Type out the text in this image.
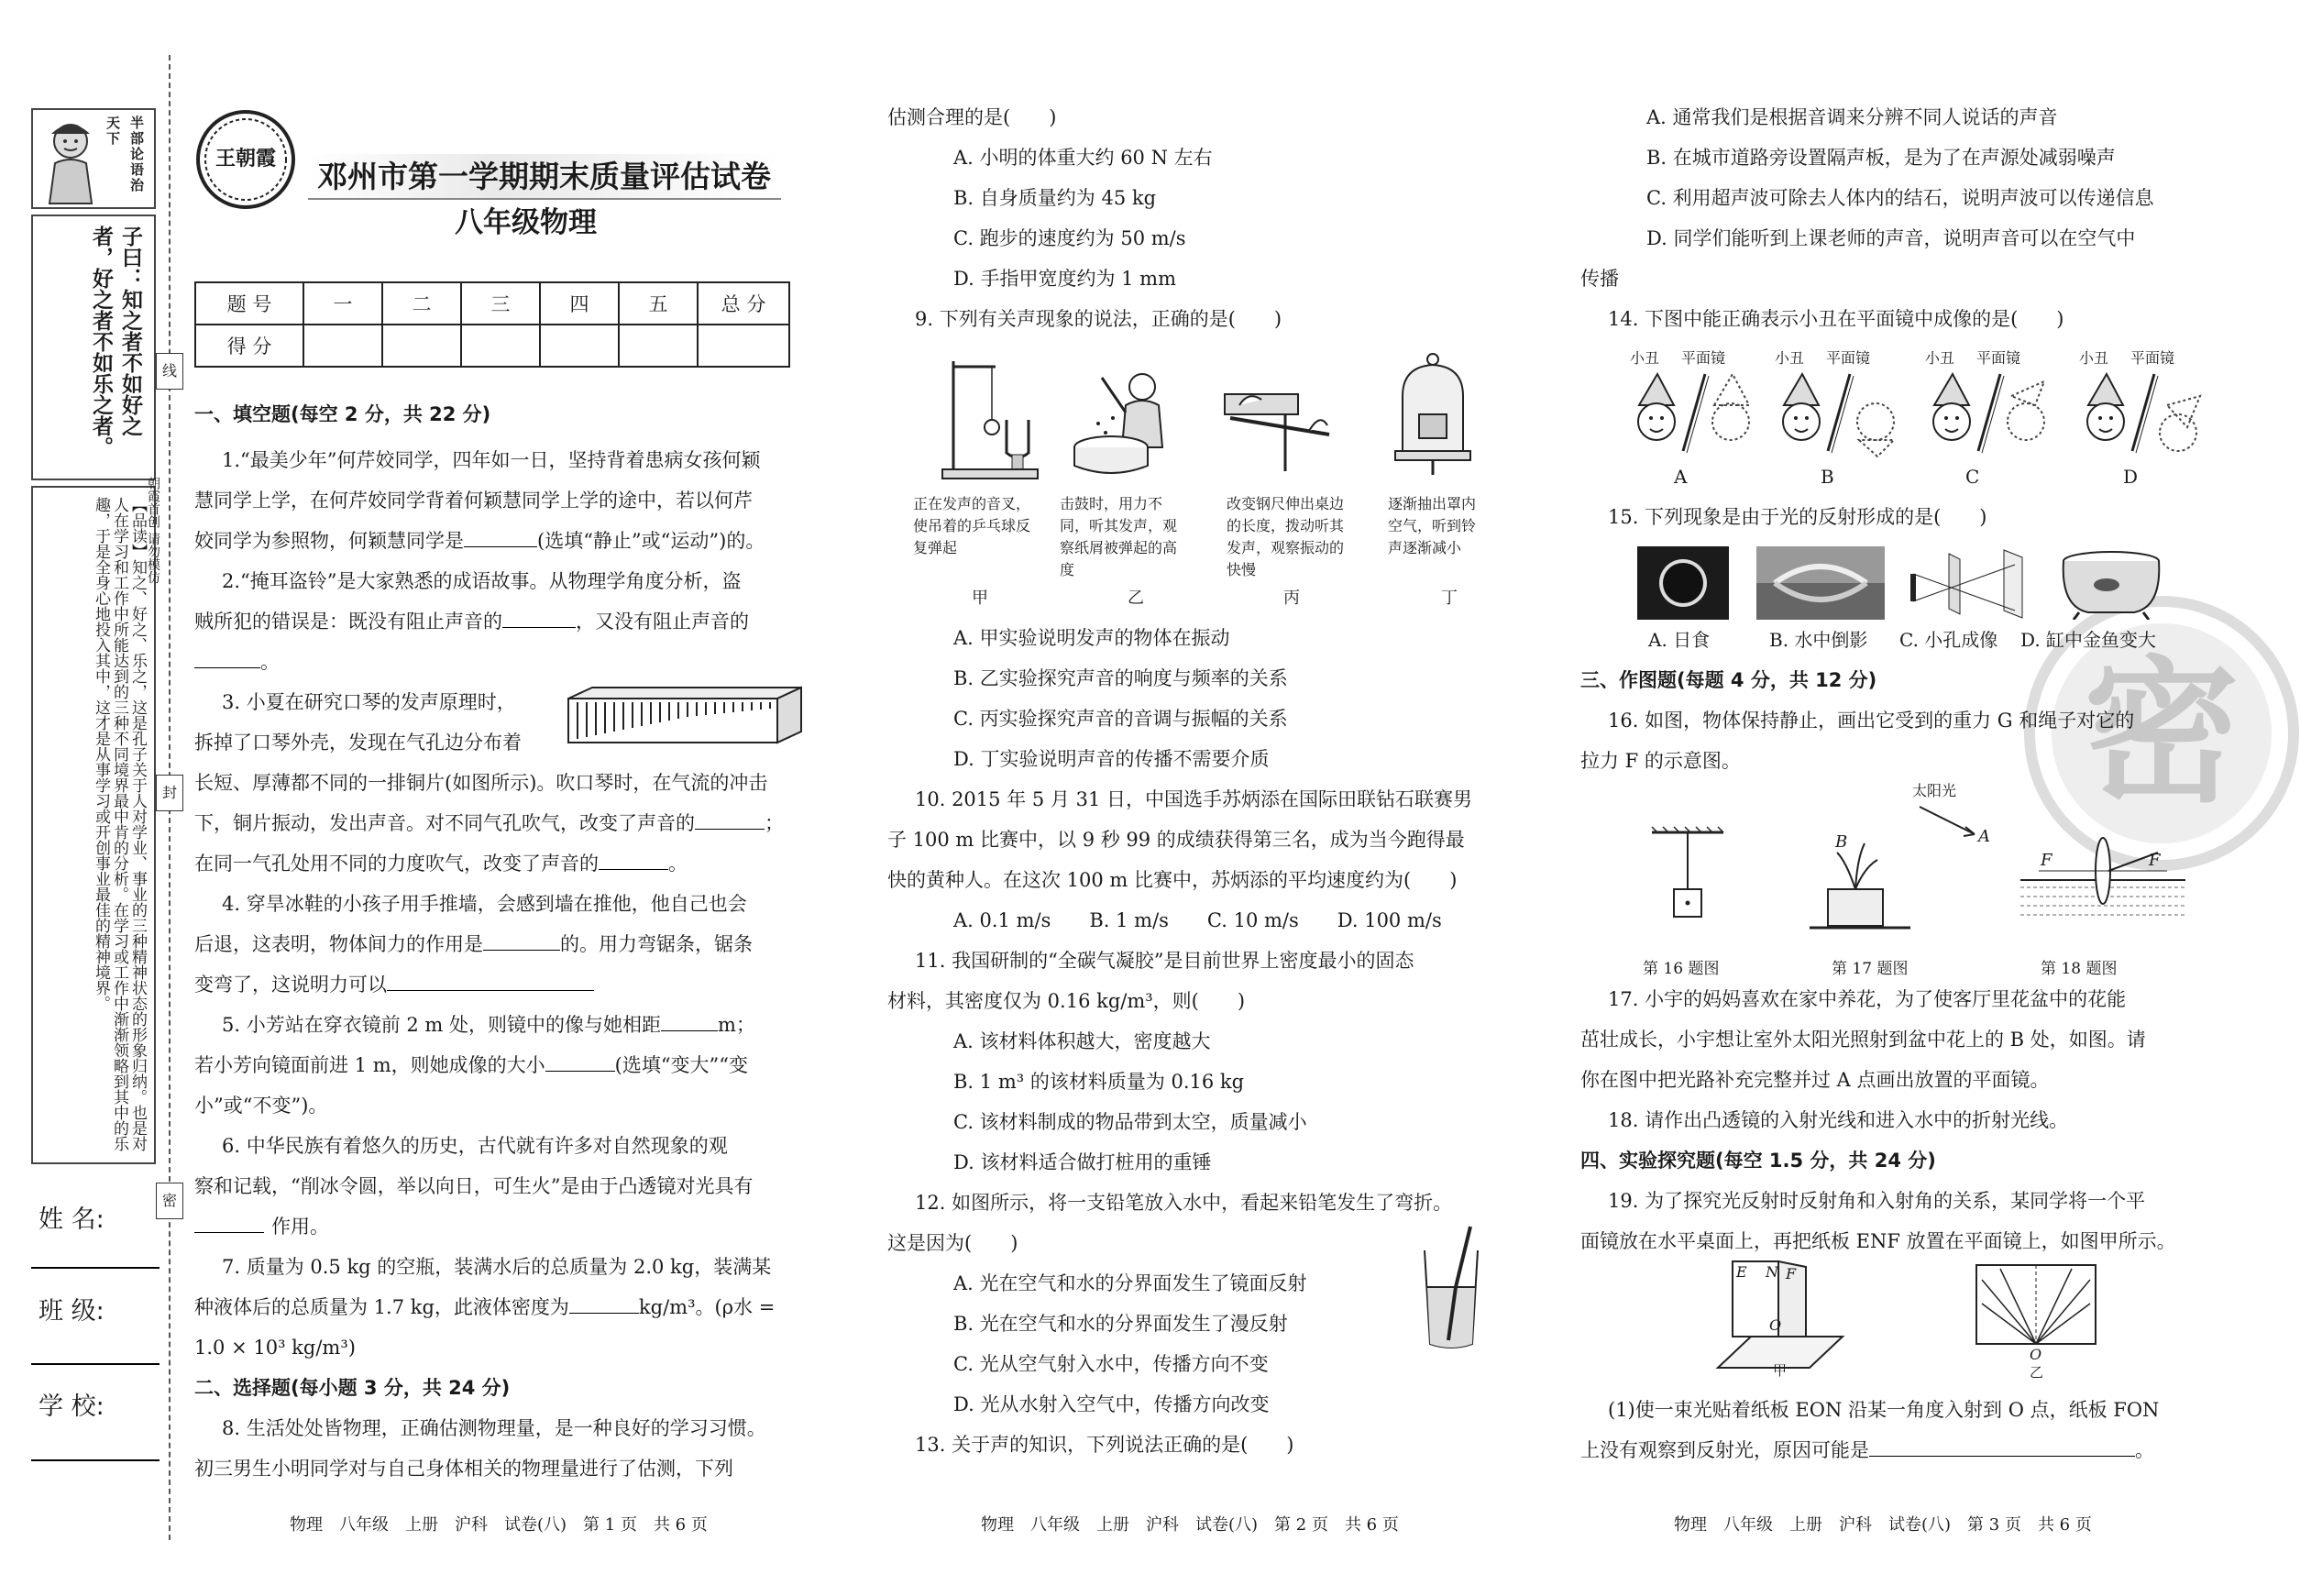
半部论语治天下
子曰：知之者不如好之者，好之者不如乐之者。
【品读】知之、好之、乐之，这是孔子关于人对学业、事业的三种精神状态的形象归纳。也是对人在学习和工作中所能达到的三种不同境界最中肯的分析。在学习或工作中渐渐领略到其中的乐趣，于是全身心地投入其中，这才是从事学习或开创事业最佳的精神境界。	朝霞首创 请勿模仿
线
封
密
姓 名:
班 级:
学 校:
王朝霞	邓州市第一学期期末质量评估试卷
八年级物理
题 号	一	二	三	四	五	总 分
得 分						
一、填空题(每空 2 分，共 22 分)
1.“最美少年”何芹姣同学，四年如一日，坚持背着患病女孩何颖
慧同学上学，在何芹姣同学背着何颖慧同学上学的途中，若以何芹
姣同学为参照物，何颖慧同学是	(选填“静止”或“运动”)的。
2.“掩耳盗铃”是大家熟悉的成语故事。从物理学角度分析，盗
贼所犯的错误是：既没有阻止声音的	，又没有阻止声音的
。
3. 小夏在研究口琴的发声原理时，
拆掉了口琴外壳，发现在气孔边分布着
长短、厚薄都不同的一排铜片(如图所示)。吹口琴时，在气流的冲击
下，铜片振动，发出声音。对不同气孔吹气，改变了声音的	；
在同一气孔处用不同的力度吹气，改变了声音的	。
4. 穿旱冰鞋的小孩子用手推墙，会感到墙在推他，他自己也会
后退，这表明，物体间力的作用是	的。用力弯锯条，锯条
变弯了，这说明力可以
5. 小芳站在穿衣镜前 2 m 处，则镜中的像与她相距	m；
若小芳向镜面前进 1 m，则她成像的大小	(选填“变大”“变
小”或“不变”)。
6. 中华民族有着悠久的历史，古代就有许多对自然现象的观
察和记载，“削冰令圆，举以向日，可生火”是由于凸透镜对光具有
作用。
7. 质量为 0.5 kg 的空瓶，装满水后的总质量为 2.0 kg，装满某
种液体后的总质量为 1.7 kg，此液体密度为	kg/m³。(ρ水 =
1.0 × 10³ kg/m³)
二、选择题(每小题 3 分，共 24 分)
8. 生活处处皆物理，正确估测物理量，是一种良好的学习习惯。
初三男生小明同学对与自己身体相关的物理量进行了估测，下列
估测合理的是(　　)
A. 小明的体重大约 60 N 左右
B. 自身质量约为 45 kg
C. 跑步的速度约为 50 m/s
D. 手指甲宽度约为 1 mm
9. 下列有关声现象的说法，正确的是(　　)
正在发声的音叉，使吊着的乒乓球反复弹起
击鼓时，用力不同，听其发声，观察纸屑被弹起的高度
改变钢尺伸出桌边的长度，拨动听其发声，观察振动的快慢
逐渐抽出罩内空气，听到铃声逐渐减小
甲	乙	丙	丁
A. 甲实验说明发声的物体在振动
B. 乙实验探究声音的响度与频率的关系
C. 丙实验探究声音的音调与振幅的关系
D. 丁实验说明声音的传播不需要介质
10. 2015 年 5 月 31 日，中国选手苏炳添在国际田联钻石联赛男
子 100 m 比赛中，以 9 秒 99 的成绩获得第三名，成为当今跑得最
快的黄种人。在这次 100 m 比赛中，苏炳添的平均速度约为(　　)
A. 0.1 m/s　　B. 1 m/s　　C. 10 m/s　　D. 100 m/s
11. 我国研制的“全碳气凝胶”是目前世界上密度最小的固态
材料，其密度仅为 0.16 kg/m³，则(　　)
A. 该材料体积越大，密度越大
B. 1 m³ 的该材料质量为 0.16 kg
C. 该材料制成的物品带到太空，质量减小
D. 该材料适合做打桩用的重锤
12. 如图所示，将一支铅笔放入水中，看起来铅笔发生了弯折。
这是因为(　　)
A. 光在空气和水的分界面发生了镜面反射
B. 光在空气和水的分界面发生了漫反射
C. 光从空气射入水中，传播方向不变
D. 光从水射入空气中，传播方向改变
13. 关于声的知识，下列说法正确的是(　　)
密
A. 通常我们是根据音调来分辨不同人说话的声音
B. 在城市道路旁设置隔声板，是为了在声源处减弱噪声
C. 利用超声波可除去人体内的结石，说明声波可以传递信息
D. 同学们能听到上课老师的声音，说明声音可以在空气中
传播
14. 下图中能正确表示小丑在平面镜中成像的是(　　)
小丑 平面镜	小丑 平面镜	小丑 平面镜	小丑 平面镜
A	B	C	D
15. 下列现象是由于光的反射形成的是(　　)
A. 日食	B. 水中倒影 C. 小孔成像 D. 缸中金鱼变大
三、作图题(每题 4 分，共 12 分)
16. 如图，物体保持静止，画出它受到的重力 G 和绳子对它的
拉力 F 的示意图。
太阳光
A
B
F	F
第 16 题图	第 17 题图	第 18 题图
17. 小宇的妈妈喜欢在家中养花，为了使客厅里花盆中的花能
茁壮成长，小宇想让室外太阳光照射到盆中花上的 B 处，如图。请
你在图中把光路补充完整并过 A 点画出放置的平面镜。
18. 请作出凸透镜的入射光线和进入水中的折射光线。
四、实验探究题(每空 1.5 分，共 24 分)
19. 为了探究光反射时反射角和入射角的关系，某同学将一个平
面镜放在水平桌面上，再把纸板 ENF 放置在平面镜上，如图甲所示。
E N F
O
甲
O
乙
(1)使一束光贴着纸板 EON 沿某一角度入射到 O 点，纸板 FON
上没有观察到反射光，原因可能是	。
物理　八年级　上册　沪科　试卷(八)　第 1 页　共 6 页	物理　八年级　上册　沪科　试卷(八)　第 2 页　共 6 页	物理　八年级　上册　沪科　试卷(八)　第 3 页　共 6 页
